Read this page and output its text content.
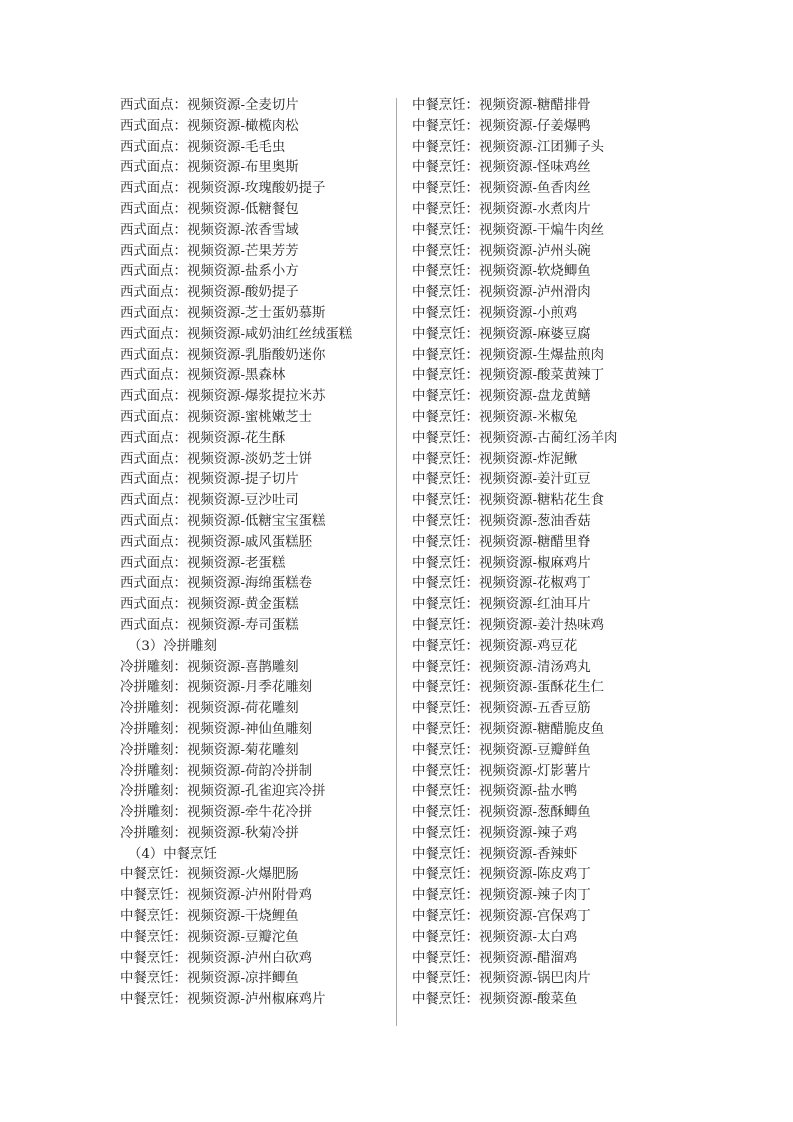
西式面点：视频资源-全麦切片
西式面点：视频资源-橄榄肉松
西式面点：视频资源-毛毛虫
西式面点：视频资源-布里奥斯
西式面点：视频资源-玫瑰酸奶提子
西式面点：视频资源-低糖餐包
西式面点：视频资源-浓香雪域
西式面点：视频资源-芒果芳芳
西式面点：视频资源-盐系小方
西式面点：视频资源-酸奶提子
西式面点：视频资源-芝士蛋奶慕斯
西式面点：视频资源-咸奶油红丝绒蛋糕
西式面点：视频资源-乳脂酸奶迷你
西式面点：视频资源-黑森林
西式面点：视频资源-爆浆提拉米苏
西式面点：视频资源-蜜桃嫩芝士
西式面点：视频资源-花生酥
西式面点：视频资源-淡奶芝士饼
西式面点：视频资源-提子切片
西式面点：视频资源-豆沙吐司
西式面点：视频资源-低糖宝宝蛋糕
西式面点：视频资源-戚风蛋糕胚
西式面点：视频资源-老蛋糕
西式面点：视频资源-海绵蛋糕卷
西式面点：视频资源-黄金蛋糕
西式面点：视频资源-寿司蛋糕
（3）冷拼雕刻
冷拼雕刻：视频资源-喜鹊雕刻
冷拼雕刻：视频资源-月季花雕刻
冷拼雕刻：视频资源-荷花雕刻
冷拼雕刻：视频资源-神仙鱼雕刻
冷拼雕刻：视频资源-菊花雕刻
冷拼雕刻：视频资源-荷韵冷拼制
冷拼雕刻：视频资源-孔雀迎宾冷拼
冷拼雕刻：视频资源-牵牛花冷拼
冷拼雕刻：视频资源-秋菊冷拼
（4）中餐烹饪
中餐烹饪：视频资源-火爆肥肠
中餐烹饪：视频资源-泸州附骨鸡
中餐烹饪：视频资源-干烧鲤鱼
中餐烹饪：视频资源-豆瓣沱鱼
中餐烹饪：视频资源-泸州白砍鸡
中餐烹饪：视频资源-凉拌鲫鱼
中餐烹饪：视频资源-泸州椒麻鸡片
中餐烹饪：视频资源-糖醋排骨
中餐烹饪：视频资源-仔姜爆鸭
中餐烹饪：视频资源-江团狮子头
中餐烹饪：视频资源-怪味鸡丝
中餐烹饪：视频资源-鱼香肉丝
中餐烹饪：视频资源-水煮肉片
中餐烹饪：视频资源-干煸牛肉丝
中餐烹饪：视频资源-泸州头碗
中餐烹饪：视频资源-软烧鲫鱼
中餐烹饪：视频资源-泸州滑肉
中餐烹饪：视频资源-小煎鸡
中餐烹饪：视频资源-麻婆豆腐
中餐烹饪：视频资源-生爆盐煎肉
中餐烹饪：视频资源-酸菜黄辣丁
中餐烹饪：视频资源-盘龙黄鳝
中餐烹饪：视频资源-米椒兔
中餐烹饪：视频资源-古蔺红汤羊肉
中餐烹饪：视频资源-炸泥鳅
中餐烹饪：视频资源-姜汁豇豆
中餐烹饪：视频资源-糖粘花生食
中餐烹饪：视频资源-葱油香菇
中餐烹饪：视频资源-糖醋里脊
中餐烹饪：视频资源-椒麻鸡片
中餐烹饪：视频资源-花椒鸡丁
中餐烹饪：视频资源-红油耳片
中餐烹饪：视频资源-姜汁热味鸡
中餐烹饪：视频资源-鸡豆花
中餐烹饪：视频资源-清汤鸡丸
中餐烹饪：视频资源-蛋酥花生仁
中餐烹饪：视频资源-五香豆筋
中餐烹饪：视频资源-糖醋脆皮鱼
中餐烹饪：视频资源-豆瓣鲜鱼
中餐烹饪：视频资源-灯影薯片
中餐烹饪：视频资源-盐水鸭
中餐烹饪：视频资源-葱酥鲫鱼
中餐烹饪：视频资源-辣子鸡
中餐烹饪：视频资源-香辣虾
中餐烹饪：视频资源-陈皮鸡丁
中餐烹饪：视频资源-辣子肉丁
中餐烹饪：视频资源-宫保鸡丁
中餐烹饪：视频资源-太白鸡
中餐烹饪：视频资源-醋溜鸡
中餐烹饪：视频资源-锅巴肉片
中餐烹饪：视频资源-酸菜鱼
